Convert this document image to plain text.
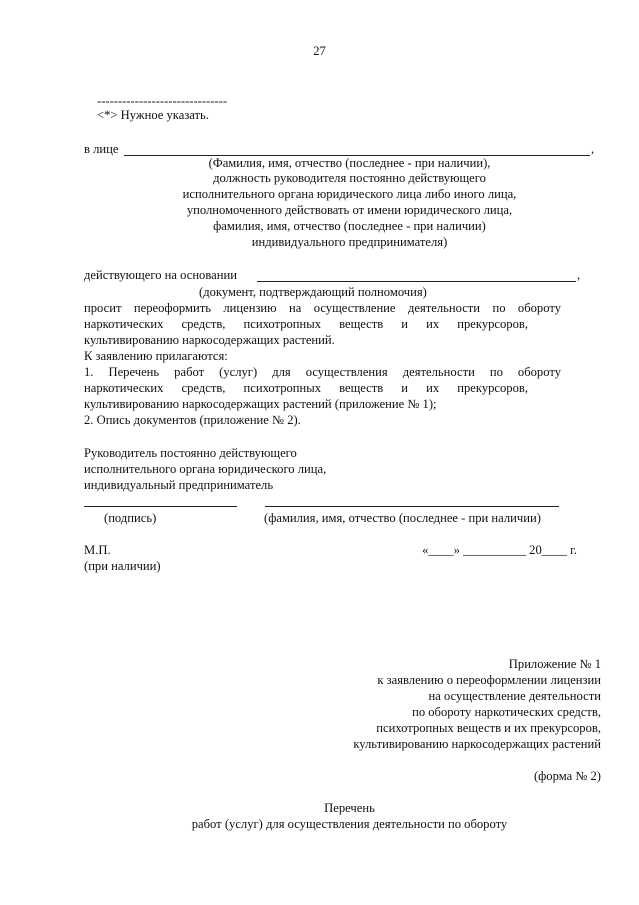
27
-------------------------------
<*> Нужное указать.
в лице	,
(Фамилия, имя, отчество (последнее - при наличии),
должность руководителя постоянно действующего
исполнительного органа юридического лица либо иного лица,
уполномоченного действовать от имени юридического лица,
фамилия, имя, отчество (последнее - при наличии)
индивидуального предпринимателя)
действующего на основании	,
(документ, подтверждающий полномочия)
просит переоформить лицензию на осуществление деятельности по обороту
наркотических средств, психотропных веществ и их прекурсоров,
культивированию наркосодержащих растений.
К заявлению прилагаются:
1. Перечень работ (услуг) для осуществления деятельности по обороту
наркотических средств, психотропных веществ и их прекурсоров,
культивированию наркосодержащих растений (приложение № 1);
2. Опись документов (приложение № 2).
Руководитель постоянно действующего
исполнительного органа юридического лица,
индивидуальный предприниматель
(подпись)	(фамилия, имя, отчество (последнее - при наличии)
М.П.
(при наличии)
«____» __________ 20____ г.
Приложение № 1
к заявлению о переоформлении лицензии
на осуществление деятельности
по обороту наркотических средств,
психотропных веществ и их прекурсоров,
культивированию наркосодержащих растений
(форма № 2)
Перечень
работ (услуг) для осуществления деятельности по обороту
